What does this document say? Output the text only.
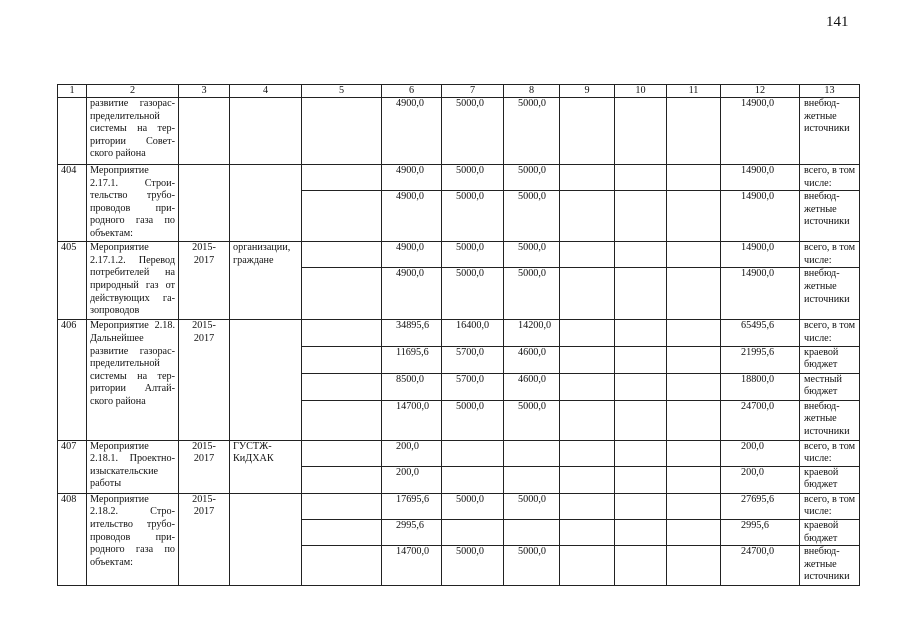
141
1	2	3	4	5	6	7	8	9	10	11	12	13
	развитие газорас-пределительной системы на тер-ритории Совет-ского района				4900,0	5000,0	5000,0				14900,0	внебюд-жетные источники
404	Мероприятие 2.17.1. Строи-тельство трубо-проводов при-родного газа по объектам:				4900,0	5000,0	5000,0				14900,0	всего, в том числе:
					4900,0	5000,0	5000,0				14900,0	внебюд-жетные источники
405	Мероприятие 2.17.1.2. Перевод потребителей на природный газ от действующих га-зопроводов	2015-2017	организации, граждане		4900,0	5000,0	5000,0				14900,0	всего, в том числе:
					4900,0	5000,0	5000,0				14900,0	внебюд-жетные источники
406	Мероприятие 2.18. Дальнейшее развитие газорас-пределительной системы на тер-ритории Алтай-ского района	2015-2017			34895,6	16400,0	14200,0				65495,6	всего, в том числе:
					11695,6	5700,0	4600,0				21995,6	краевой бюджет
					8500,0	5700,0	4600,0				18800,0	местный бюджет
					14700,0	5000,0	5000,0				24700,0	внебюд-жетные источники
407	Мероприятие 2.18.1. Проектно-изыскательские работы	2015-2017	ГУСТЖ-КиДХАК		200,0						200,0	всего, в том числе:
					200,0						200,0	краевой бюджет
408	Мероприятие 2.18.2. Стро-ительство трубо-проводов при-родного газа по объектам:	2015-2017			17695,6	5000,0	5000,0				27695,6	всего, в том числе:
					2995,6						2995,6	краевой бюджет
					14700,0	5000,0	5000,0				24700,0	внебюд-жетные источники
